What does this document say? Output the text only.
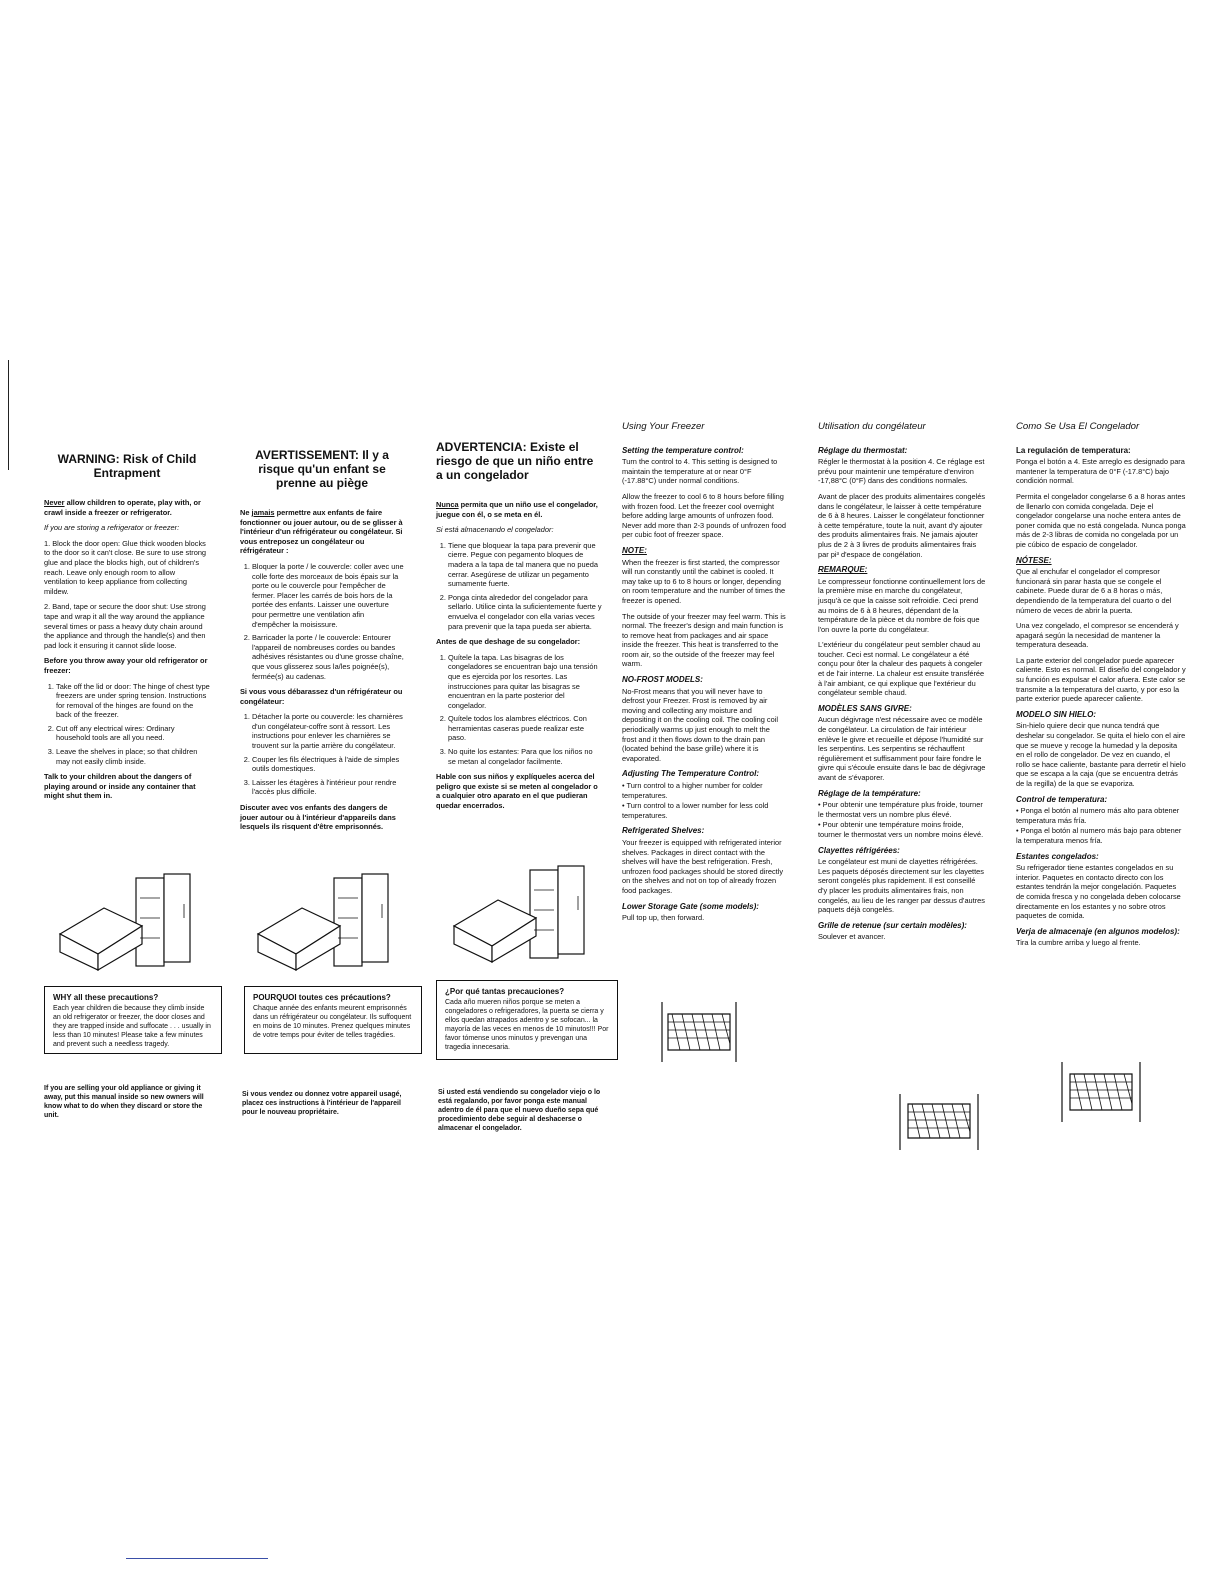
WARNING: Risk of Child Entrapment

Never allow children to operate, play with, or crawl inside a freezer or refrigerator.

If you are storing a refrigerator or freezer:

1. Block the door open: Glue thick wooden blocks to the door so it can't close. Be sure to use strong glue and place the blocks high, out of children's reach. Leave only enough room to allow ventilation to keep appliance from collecting mildew.

2. Band, tape or secure the door shut: Use strong tape and wrap it all the way around the appliance several times or pass a heavy duty chain around the appliance and through the handle(s) and then pad lock it ensuring it cannot slide loose.

Before you throw away your old refrigerator or freezer:

1. Take off the lid or door: The hinge of chest type freezers are under spring tension. Instructions for removal of the hinges are found on the back of the freezer.
2. Cut off any electrical wires: Ordinary household tools are all you need.
3. Leave the shelves in place; so that children may not easily climb inside.

Talk to your children about the dangers of playing around or inside any container that might shut them in.

AVERTISSEMENT: Il y a risque qu'un enfant se prenne au piège

Ne jamais permettre aux enfants de faire fonctionner ou jouer autour, ou de se glisser à l'intérieur d'un réfrigérateur ou congélateur. Si vous entreposez un congélateur ou réfrigérateur :

1. Bloquer la porte / le couvercle: coller avec une colle forte des morceaux de bois épais sur la porte ou le couvercle pour l'empêcher de fermer. Placer les carrés de bois hors de la portée des enfants. Laisser une ouverture pour permettre une ventilation afin d'empêcher la moisissure.
2. Barricader la porte / le couvercle: Entourer l'appareil de nombreuses cordes ou bandes adhésives résistantes ou d'une grosse chaîne, que vous glisserez sous la/les poignée(s), fermée(s) au cadenas.

Si vous vous débarassez d'un réfrigérateur ou congélateur:

1. Détacher la porte ou couvercle: les charnières d'un congélateur-coffre sont à ressort. Les instructions pour enlever les charnières se trouvent sur la partie arrière du congélateur.
2. Couper les fils électriques à l'aide de simples outils domestiques.
3. Laisser les étagères à l'intérieur pour rendre l'accès plus difficile.

Discuter avec vos enfants des dangers de jouer autour ou à l'intérieur d'appareils dans lesquels ils risquent d'être emprisonnés.

ADVERTENCIA: Existe el riesgo de que un niño entre a un congelador

Nunca permita que un niño use el congelador, juegue con él, o se meta en él.

Si está almacenando el congelador:

1. Tiene que bloquear la tapa para prevenir que cierre. Pegue con pegamento bloques de madera a la tapa de tal manera que no pueda cerrar. Asegúrese de utilizar un pegamento sumamente fuerte.
2. Ponga cinta alrededor del congelador para sellarlo. Utilice cinta la suficientemente fuerte y envuelva el congelador con ella varias veces para prevenir que la tapa pueda ser abierta.

Antes de que deshage de su congelador:

1. Quítele la tapa. Las bisagras de los congeladores se encuentran bajo una tensión que es ejercida por los resortes. Las instrucciones para quitar las bisagras se encuentran en la parte posterior del congelador.
2. Quítele todos los alambres eléctricos. Con herramientas caseras puede realizar este paso.
3. No quite los estantes: Para que los niños no se metan al congelador facilmente.

Hable con sus niños y explíqueles acerca del peligro que existe si se meten al congelador o a cualquier otro aparato en el que pudieran quedar encerrados.

WHY all these precautions?
Each year children die because they climb inside an old refrigerator or freezer, the door closes and they are trapped inside and suffocate . . . usually in less than 10 minutes! Please take a few minutes and prevent such a needless tragedy.
POURQUOI toutes ces précautions?
Chaque année des enfants meurent emprisonnés dans un réfrigérateur ou congélateur. Ils suffoquent en moins de 10 minutes. Prenez quelques minutes de votre temps pour éviter de telles tragédies.
¿Por qué tantas precauciones?
Cada año mueren niños porque se meten a congeladores o refrigeradores, la puerta se cierra y ellos quedan atrapados adentro y se sofocan... la mayoría de las veces en menos de 10 minutos!!! Por favor tómense unos minutos y prevengan una tragedia innecesaria.
If you are selling your old appliance or giving it away, put this manual inside so new owners will know what to do when they discard or store the unit.
Si vous vendez ou donnez votre appareil usagé, placez ces instructions à l'intérieur de l'appareil pour le nouveau propriétaire.
Si usted está vendiendo su congelador viejo o lo está regalando, por favor ponga este manual adentro de él para que el nuevo dueño sepa qué procedimiento debe seguir al deshacerse o almacenar el congelador.
Using Your Freezer
Setting the temperature control:

Turn the control to 4. This setting is designed to maintain the temperature at or near 0°F (-17.88°C) under normal conditions.

Allow the freezer to cool 6 to 8 hours before filling with frozen food. Let the freezer cool overnight before adding large amounts of unfrozen food. Never add more than 2-3 pounds of unfrozen food per cubic foot of freezer space.

NOTE:

When the freezer is first started, the compressor will run constantly until the cabinet is cooled. It may take up to 6 to 8 hours or longer, depending on room temperature and the number of times the freezer is opened.

The outside of your freezer may feel warm. This is normal. The freezer's design and main function is to remove heat from packages and air space inside the freezer. This heat is transferred to the room air, so the outside of the freezer may feel warm.

NO-FROST MODELS:

No-Frost means that you will never have to defrost your Freezer. Frost is removed by air moving and collecting any moisture and depositing it on the cooling coil. The cooling coil periodically warms up just enough to melt the frost and it then flows down to the drain pan (located behind the base grille) where it is evaporated.

Adjusting The Temperature Control:

• Turn control to a higher number for colder temperatures.

• Turn control to a lower number for less cold temperatures.

Refrigerated Shelves:

Your freezer is equipped with refrigerated interior shelves. Packages in direct contact with the shelves will have the best refrigeration. Fresh, unfrozen food packages should be stored directly on the shelves and not on top of already frozen food packages.

Lower Storage Gate (some models):

Pull top up, then forward.

Utilisation du congélateur
Réglage du thermostat:

Régler le thermostat à la position 4. Ce réglage est prévu pour maintenir une température d'environ -17,88°C (0°F) dans des conditions normales.

Avant de placer des produits alimentaires congelés dans le congélateur, le laisser à cette température de 6 à 8 heures. Laisser le congélateur fonctionner à cette température, toute la nuit, avant d'y ajouter des produits alimentaires frais. Ne jamais ajouter plus de 2 à 3 livres de produits alimentaires frais par pi³ d'espace de congélation.

REMARQUE:

Le compresseur fonctionne continuellement lors de la première mise en marche du congélateur, jusqu'à ce que la caisse soit refroidie. Ceci prend au moins de 6 à 8 heures, dépendant de la température de la pièce et du nombre de fois que l'on ouvre la porte du congélateur.

L'extérieur du congélateur peut sembler chaud au toucher. Ceci est normal. Le congélateur a été conçu pour ôter la chaleur des paquets à congeler et de l'air interne. La chaleur est ensuite transférée à l'air ambiant, ce qui explique que l'extérieur du congélateur semble chaud.

MODÈLES SANS GIVRE:

Aucun dégivrage n'est nécessaire avec ce modèle de congélateur. La circulation de l'air intérieur enlève le givre et recueille et dépose l'humidité sur les serpentins. Les serpentins se réchauffent régulièrement et suffisamment pour faire fondre le givre qui s'écoule ensuite dans le bac de dégivrage avant de s'évaporer.

Réglage de la température:

• Pour obtenir une température plus froide, tourner le thermostat vers un nombre plus élevé.

• Pour obtenir une température moins froide, tourner le thermostat vers un nombre moins élevé.

Clayettes réfrigérées:

Le congélateur est muni de clayettes réfrigérées. Les paquets déposés directement sur les clayettes seront congelés plus rapidement. Il est conseillé d'y placer les produits alimentaires frais, non congelés, au lieu de les ranger par dessus d'autres paquets déjà congelés.

Grille de retenue (sur certain modèles):

Soulever et avancer.

Como Se Usa El Congelador
La regulación de temperatura:

Ponga el botón a 4. Este arreglo es designado para mantener la temperatura de 0°F (-17.8°C) bajo condición normal.

Permita el congelador congelarse 6 a 8 horas antes de llenarlo con comida congelada. Deje el congelador congelarse una noche entera antes de poner comida que no está congelada. Nunca ponga más de 2-3 libras de comida no congelada por un pie cúbico de espacio de congelador.

NÓTESE:

Que al enchufar el congelador el compresor funcionará sin parar hasta que se congele el cabinete. Puede durar de 6 a 8 horas o más, dependiendo de la temperatura del cuarto o del número de veces de abrir la puerta.

Una vez congelado, el compresor se encenderá y apagará según la necesidad de mantener la temperatura deseada.

La parte exterior del congelador puede aparecer caliente. Esto es normal. El diseño del congelador y su función es expulsar el calor afuera. Este calor se transmite a la temperatura del cuarto, y por eso la parte exterior puede aparecer caliente.

MODELO SIN HIELO:

Sin-hielo quiere decir que nunca tendrá que deshelar su congelador. Se quita el hielo con el aire que se mueve y recoge la humedad y la deposita en el rollo de congelador. De vez en cuando, el rollo se hace caliente, bastante para derretir el hielo que se escapa a la caja (que se encuentra detrás de la regilla) de la que se evaporiza.

Control de temperatura:

• Ponga el botón al numero más alto para obtener temperatura más fría.

• Ponga el botón al numero más bajo para obtener la temperatura menos fría.

Estantes congelados:

Su refrigerador tiene estantes congelados en su interior. Paquetes en contacto directo con los estantes tendrán la mejor congelación. Paquetes de comida fresca y no congelada deben colocarse directamente en los estantes y no sobre otros paquetes de comida.

Verja de almacenaje (en algunos modelos):

Tira la cumbre arriba y luego al frente.
